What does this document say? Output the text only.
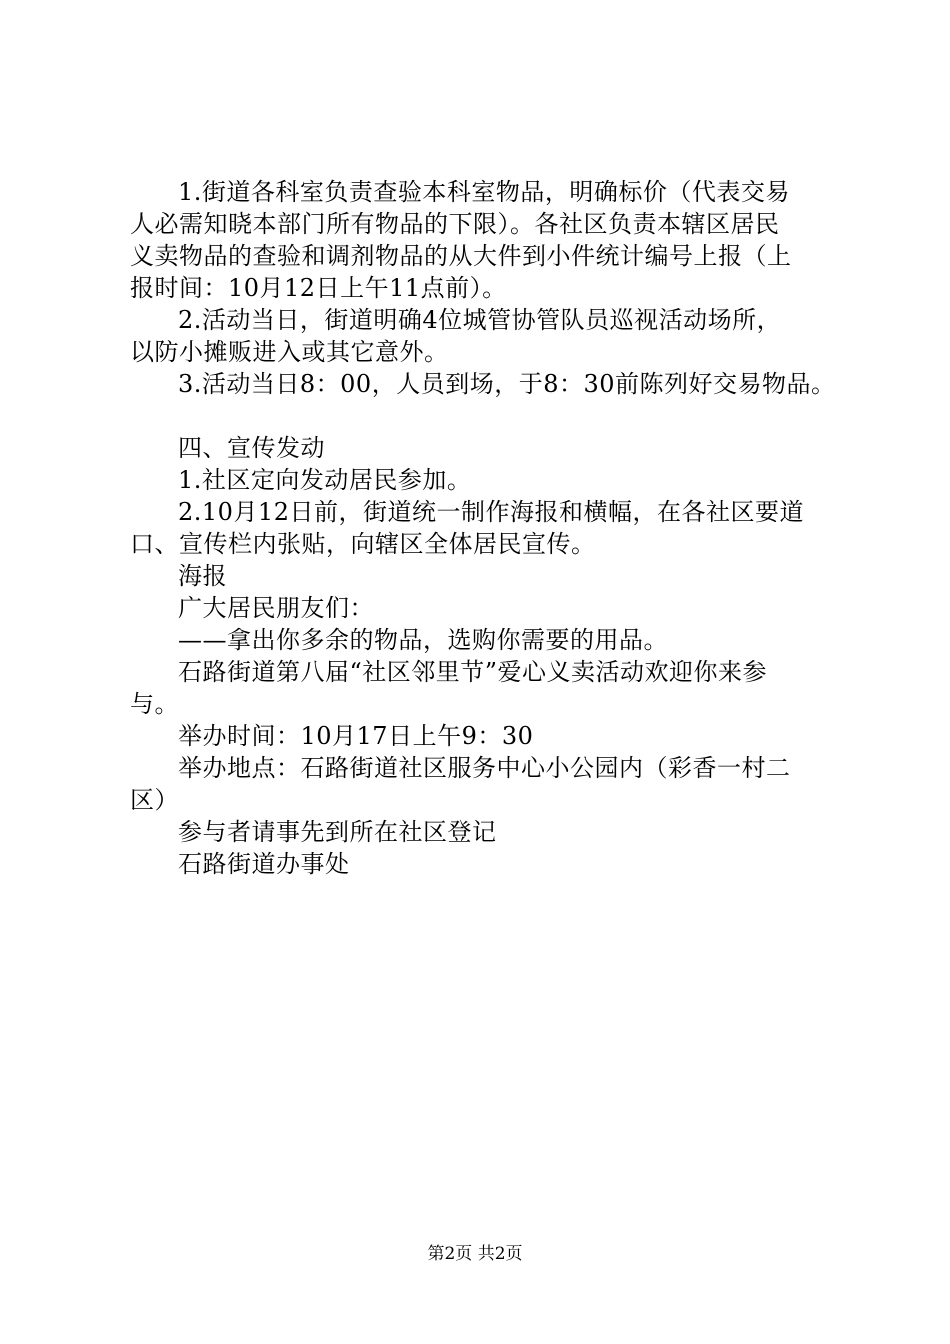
1.街道各科室负责查验本科室物品，明确标价（代表交易
人必需知晓本部门所有物品的下限）。各社区负责本辖区居民
义卖物品的查验和调剂物品的从大件到小件统计编号上报（上
报时间：10月12日上午11点前）。
2.活动当日，街道明确4位城管协管队员巡视活动场所，
以防小摊贩进入或其它意外。
3.活动当日8：00，人员到场，于8：30前陈列好交易物品。
四、宣传发动
1.社区定向发动居民参加。
2.10月12日前，街道统一制作海报和横幅，在各社区要道
口、宣传栏内张贴，向辖区全体居民宣传。
海报
广大居民朋友们：
——拿出你多余的物品，选购你需要的用品。
石路街道第八届“社区邻里节”爱心义卖活动欢迎你来参
与。
举办时间：10月17日上午9：30
举办地点：石路街道社区服务中心小公园内（彩香一村二
区）
参与者请事先到所在社区登记
石路街道办事处
第2页 共2页
